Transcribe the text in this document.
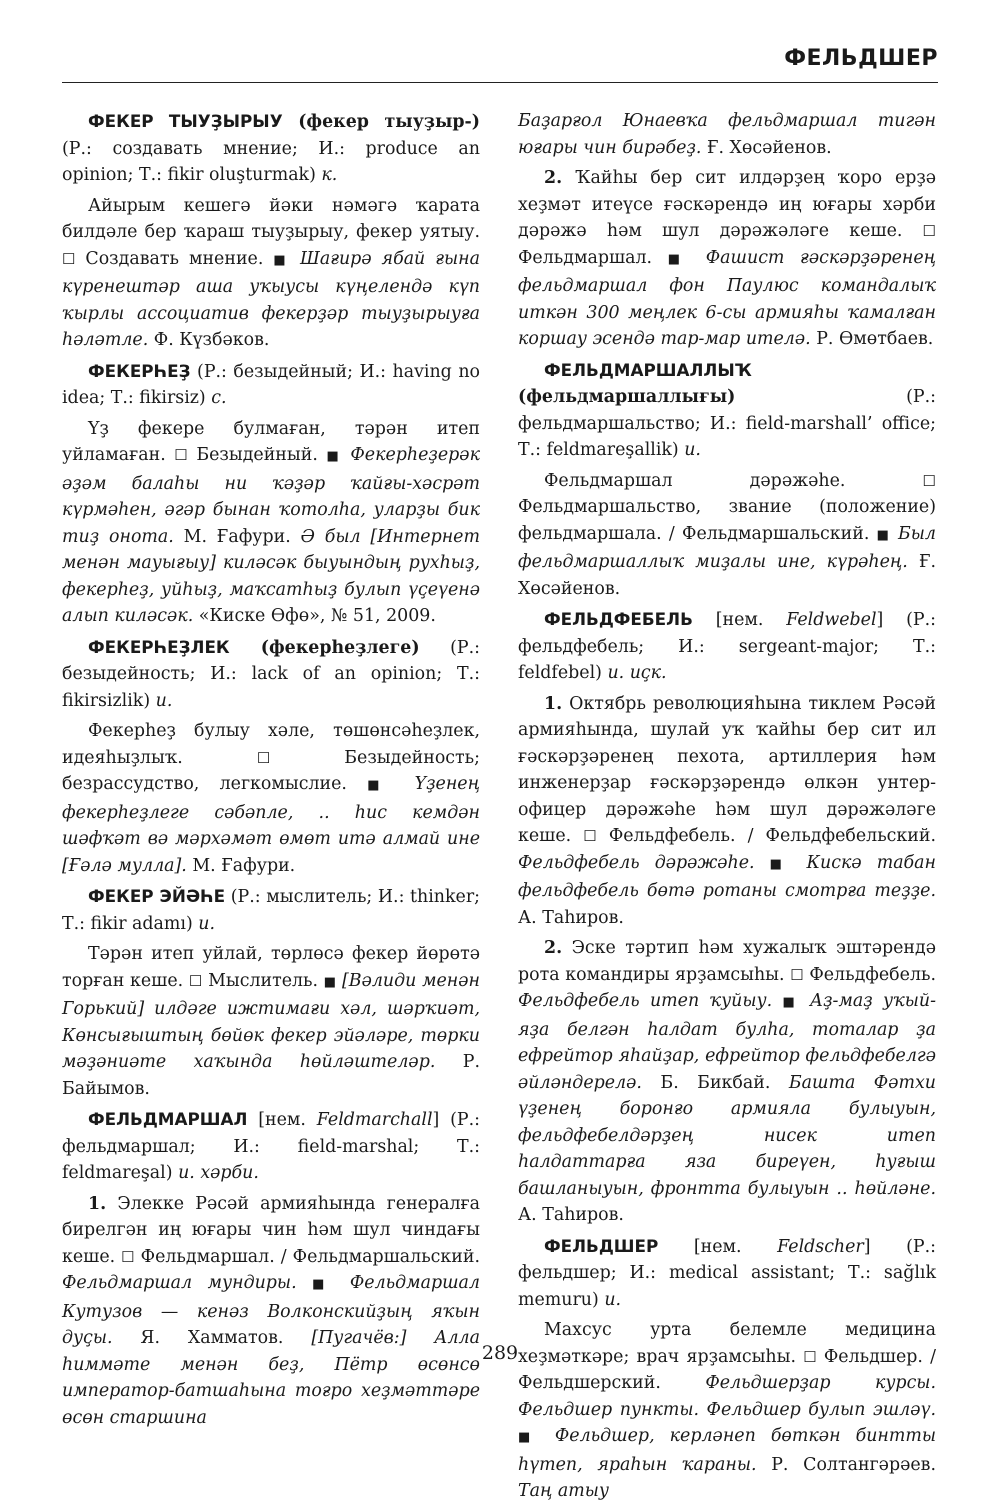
ФЕЛЬДШЕР

ФЕКЕР ТЫУҘЫРЫУ (фекер тыуҙыр-) (Р.: создавать мнение; И.: produce an opinion; Т.: fikir oluşturmak) к.

Айырым кешегә йәки нәмәгә ҡарата билдәле бер ҡараш тыуҙырыу, фекер уятыу. ☐ Создавать мнение. ■ Шағирә ябай ғына күренештәр аша уҡыусы күңелендә күп ҡырлы ассоциатив фекерҙәр тыуҙырыуға һәләтле. Ф. Күзбәков.

ФЕКЕРҺЕҘ (Р.: безыдейный; И.: having no idea; Т.: fikirsiz) с.

Үҙ фекере булмаған, тәрән итеп уйламаған. ☐ Безыдейный. ■ Фекерһеҙерәк әҙәм балаһы ни ҡәҙәр ҡайғы-хәсрәт күрмәһен, әгәр бынан ҡотолһа, уларҙы бик тиҙ онота. М. Ғафури. Ә был [Интернет менән мауығыу] киләсәк быуындың рухһыҙ, фекерһеҙ, уйһыҙ, маҡсатһыҙ булып үҫеүенә алып киләсәк. «Киске Өфө», № 51, 2009.

ФЕКЕРҺЕҘЛЕК (фекерһеҙлеге) (Р.: безыдейность; И.: lack of an opinion; Т.: fikirsizlik) и.

Фекерһеҙ булыу хәле, төшөнсәһеҙлек, идеяһыҙлыҡ. ☐ Безыдейность; безрассудство, легкомыслие. ■ Үҙенең фекерһеҙлеге сәбәпле, .. һис кемдән шәфҡәт вә мәрхәмәт өмөт итә алмай ине [Ғәлә мулла]. М. Ғафури.

ФЕКЕР ЭЙӘҺЕ (Р.: мыслитель; И.: thinker; Т.: fikir adamı) и.

Тәрән итеп уйлай, төрлөсә фекер йөрөтә торған кеше. ☐ Мыслитель. ■ [Вәлиди менән Горький] илдәге ижтимағи хәл, шәрҡиәт, Көнсығыштың бөйөк фекер эйәләре, төрки мәҙәниәте хаҡында һөйләштеләр. Р. Байымов.

ФЕЛЬДМАРШАЛ [нем. Feldmarchall] (Р.: фельдмаршал; И.: field-marshal; Т.: feldmareşal) и. хәрби.

1. Элекке Рәсәй армияһында генералға бирелгән иң юғары чин һәм шул чиндағы кеше. ☐ Фельдмаршал. / Фельдмаршальский. Фельдмаршал мундиры. ■ Фельдмаршал Кутузов — кенәз Волконскийҙың яҡын дуҫы. Я. Хамматов. [Пугачёв:] Алла һиммәте менән беҙ, Пётр өсөнсө император-батшаһына тоғро хеҙмәттәре өсөн старшина

Баҙарғол Юнаевҡа фельдмаршал тигән юғары чин бирәбеҙ. Ғ. Хөсәйенов.

2. Ҡайһы бер сит илдәрҙең ҡоро ерҙә хеҙмәт итеүсе ғәскәрендә иң юғары хәрби дәрәжә һәм шул дәрәжәләге кеше. ☐ Фельдмаршал. ■ Фашист ғәскәрҙәренең фельдмаршал фон Паулюс командалыҡ иткән 300 меңлек 6-сы армияһы ҡамалған коршау эсендә тар-мар ителә. Р. Өмөтбаев.

ФЕЛЬДМАРШАЛЛЫҠ (фельдмаршаллығы) (Р.: фельдмаршальство; И.: field-marshall’ office; Т.: feldmareşallik) и.

Фельдмаршал дәрәжәһе. ☐ Фельдмаршальство, звание (положение) фельдмаршала. / Фельдмаршальский. ■ Был фельдмаршаллыҡ миҙалы ине, күрәһең. Ғ. Хөсәйенов.

ФЕЛЬДФЕБЕЛЬ [нем. Feldwebel] (Р.: фельдфебель; И.: sergeant-major; Т.: feldfebel) и. иҫк.

1. Октябрь революцияһына тиклем Рәсәй армияһында, шулай уҡ ҡайһы бер сит ил ғәскәрҙәренең пехота, артиллерия һәм инженерҙар ғәскәрҙәрендә өлкән унтер-офицер дәрәжәһе һәм шул дәрәжәләге кеше. ☐ Фельдфебель. / Фельдфебельский. Фельдфебель дәрәжәһе. ■ Кискә табан фельдфебель бөтә ротаны смотрға теҙҙе. А. Таһиров.

2. Эске тәртип һәм хужалыҡ эштәрендә рота командиры ярҙамсыһы. ☐ Фельдфебель. Фельдфебель итеп ҡуйыу. ■ Аҙ-маҙ уҡый-яҙа белгән һалдат булһа, тоталар ҙа ефрейтор яһайҙар, ефрейтор фельдфебелгә әйләндерелә. Б. Бикбай. Башта Фәтхи үҙенең боронғо армияла булыуын, фельдфебелдәрҙең нисек итеп һалдаттарға яза биреүен, һуғыш башланыуын, фронтта булыуын .. һөйләне. А. Таһиров.

ФЕЛЬДШЕР [нем. Feldscher] (Р.: фельдшер; И.: medical assistant; Т.: sağlık memuru) и.

Махсус урта белемле медицина хеҙмәткәре; врач ярҙамсыһы. ☐ Фельдшер. / Фельдшерский. Фельдшерҙар курсы. Фельдшер пункты. Фельдшер булып эшләү. ■ Фельдшер, керләнеп бөткән бинтты һүтеп, яраһын ҡараны. Р. Солтангәрәев. Таң атыу

289
